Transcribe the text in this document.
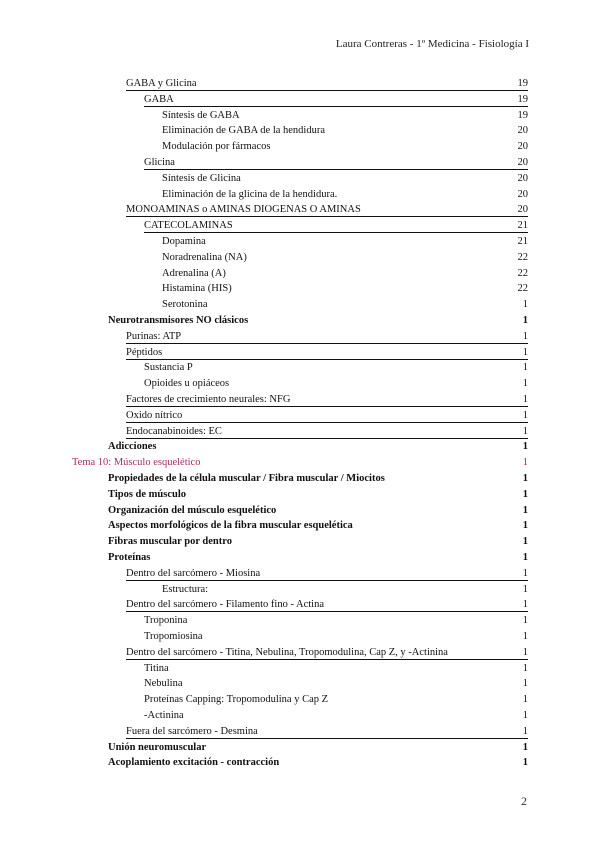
Laura Contreras - 1º Medicina - Fisiología I
GABA y Glicina	19
GABA	19
Síntesis de GABA	19
Eliminación de GABA de la hendidura	20
Modulación por fármacos	20
Glicina	20
Síntesis de Glicina	20
Eliminación de la glicina de la hendidura.	20
MONOAMINAS o AMINAS DIOGENAS O AMINAS	20
CATECOLAMINAS	21
Dopamina	21
Noradrenalina (NA)	22
Adrenalina (A)	22
Histamina (HIS)	22
Serotonina	1
Neurotransmisores NO clásicos	1
Purinas: ATP	1
Péptidos	1
Sustancia P	1
Opioides u opiáceos	1
Factores de crecimiento neurales: NFG	1
Óxido nítrico	1
Endocanabinoides: EC	1
Adicciones	1
Tema 10: Músculo esquelético	1
Propiedades de la célula muscular / Fibra muscular / Miocitos	1
Tipos de músculo	1
Organización del músculo esquelético	1
Aspectos morfológicos de la fibra muscular esquelética	1
Fibras muscular por dentro	1
Proteínas	1
Dentro del sarcómero - Miosina	1
Estructura:	1
Dentro del sarcómero - Filamento fino - Actina	1
Troponina	1
Tropomiosina	1
Dentro del sarcómero - Titina, Nebulina, Tropomodulina, Cap Z, y -Actinina	1
Titina	1
Nebulina	1
Proteínas Capping: Tropomodulina y Cap Z	1
-Actinina	1
Fuera del sarcómero - Desmina	1
Unión neuromuscular	1
Acoplamiento excitación - contracción	1
2
